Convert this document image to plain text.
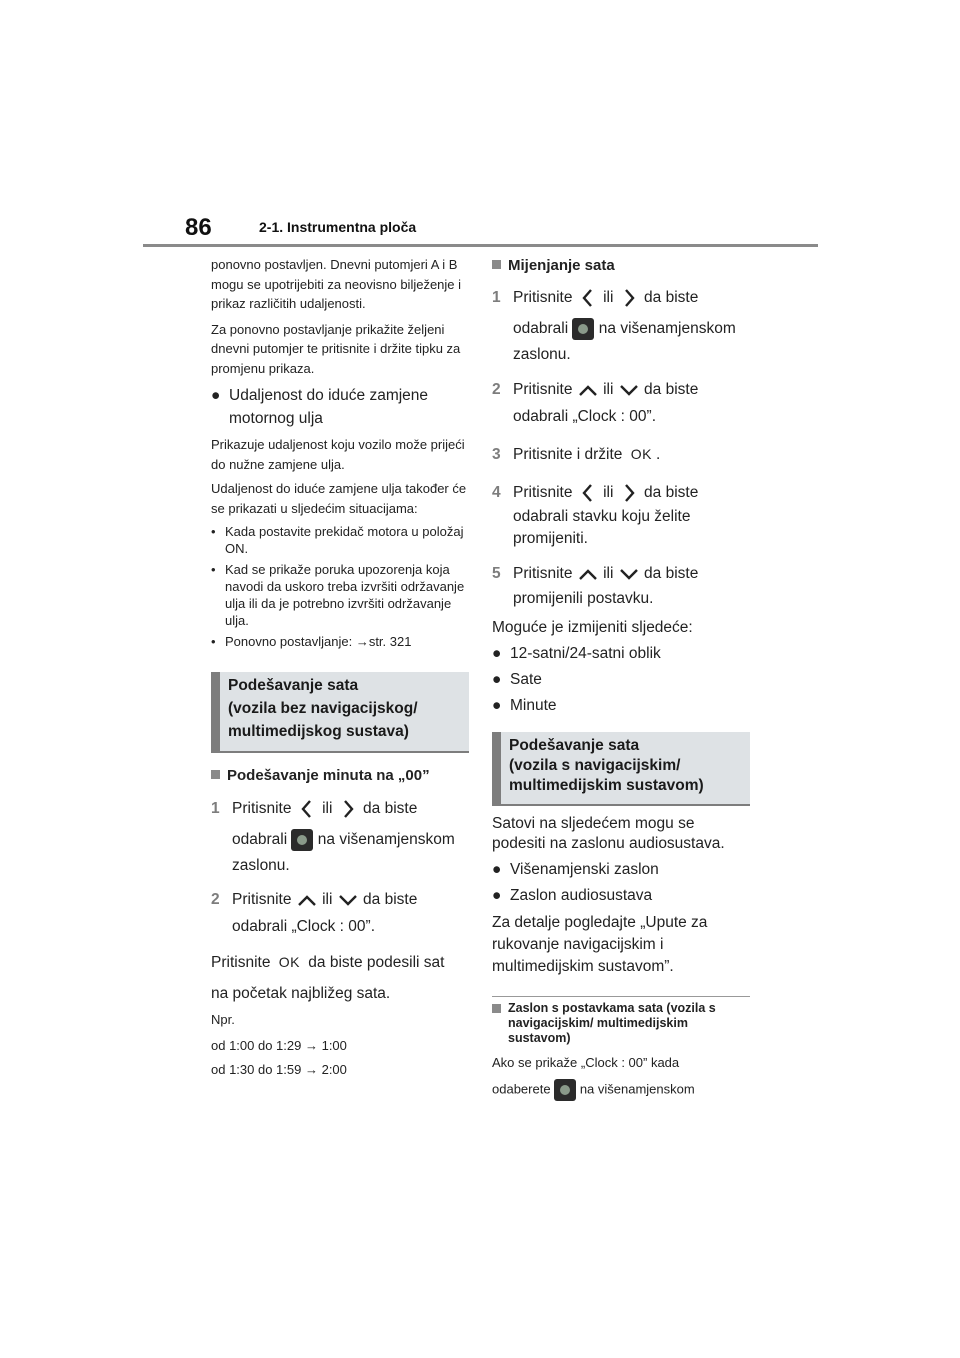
86	2-1. Instrumentna ploča

ponovno postavljen. Dnevni putomjeri A i B mogu se upotrijebiti za neovisno bilježenje i prikaz različitih udaljenosti.

Za ponovno postavljanje prikažite željeni dnevni putomjer te pritisnite i držite tipku za promjenu prikaza.

● Udaljenost do iduće zamjene motornog ulja

Prikazuje udaljenost koju vozilo može prijeći do nužne zamjene ulja.

Udaljenost do iduće zamjene ulja također će se prikazati u sljedećim situacijama:

• Kada postavite prekidač motora u položaj ON.
• Kad se prikaže poruka upozorenja koja navodi da uskoro treba izvršiti održavanje ulja ili da je potrebno izvršiti održavanje ulja.
• Ponovno postavljanje: →str. 321
Podešavanje sata
(vozila bez navigacijskog/
multimedijskog sustava)
Podešavanje minuta na „00”
1 Pritisnite ili da biste
odabrali na višenamjenskom
zaslonu.
2 Pritisnite ili da biste
odabrali „Clock : 00”.
Pritisnite OK da biste podesili sat
na početak najbližeg sata.

Npr.

od 1:00 do 1:29 → 1:00

od 1:30 do 1:59 → 2:00

Mijenjanje sata
1 Pritisnite ili da biste
odabrali na višenamjenskom
zaslonu.
2 Pritisnite ili da biste
odabrali „Clock : 00”.
3 Pritisnite i držite OK .
4 Pritisnite ili da biste
odabrali stavku koju želite promijeniti.
5 Pritisnite ili da biste
promijenili postavku.

Moguće je izmijeniti sljedeće:

● 12-satni/24-satni oblik
● Sate
● Minute
Podešavanje sata
(vozila s navigacijskim/
multimedijskim sustavom)

Satovi na sljedećem mogu se podesiti na zaslonu audiosustava.

● Višenamjenski zaslon
● Zaslon audiosustava

Za detalje pogledajte „Upute za rukovanje navigacijskim i multimedijskim sustavom”.

Zaslon s postavkama sata (vozila s navigacijskim/ multimedijskim sustavom)

Ako se prikaže „Clock : 00” kada

odaberete na višenamjenskom
